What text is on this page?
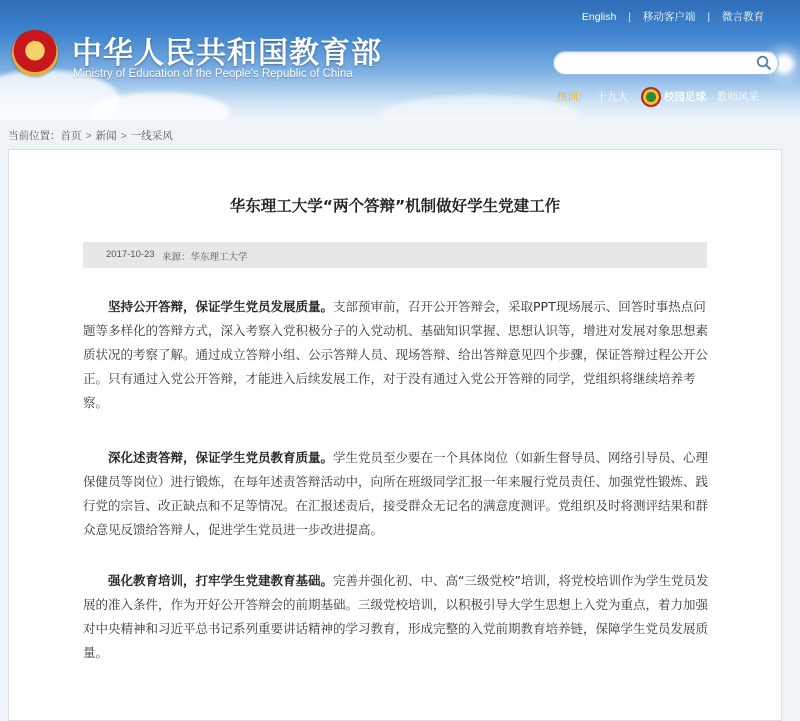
★ 中华人民共和国教育部
Ministry of Education of the People's Republic of China
English | 移动客户端 | 微言教育
热词： 十九大	校园足球 教师风采
当前位置：首页 > 新闻 > 一线采风
华东理工大学“两个答辩”机制做好学生党建工作
2017-10-23 来源：华东理工大学

坚持公开答辩，保证学生党员发展质量。支部预审前，召开公开答辩会，采取PPT现场展示、回答时事热点问题等多样化的答辩方式，深入考察入党积极分子的入党动机、基础知识掌握、思想认识等，增进对发展对象思想素质状况的考察了解。通过成立答辩小组、公示答辩人员、现场答辩、给出答辩意见四个步骤，保证答辩过程公开公正。只有通过入党公开答辩，才能进入后续发展工作，对于没有通过入党公开答辩的同学，党组织将继续培养考察。

深化述责答辩，保证学生党员教育质量。学生党员至少要在一个具体岗位（如新生督导员、网络引导员、心理保健员等岗位）进行锻炼，在每年述责答辩活动中，向所在班级同学汇报一年来履行党员责任、加强党性锻炼、践行党的宗旨、改正缺点和不足等情况。在汇报述责后，接受群众无记名的满意度测评。党组织及时将测评结果和群众意见反馈给答辩人，促进学生党员进一步改进提高。

强化教育培训，打牢学生党建教育基础。完善并强化初、中、高“三级党校”培训，将党校培训作为学生党员发展的准入条件，作为开好公开答辩会的前期基础。三级党校培训，以积极引导大学生思想上入党为重点，着力加强对中央精神和习近平总书记系列重要讲话精神的学习教育，形成完整的入党前期教育培养链，保障学生党员发展质量。
